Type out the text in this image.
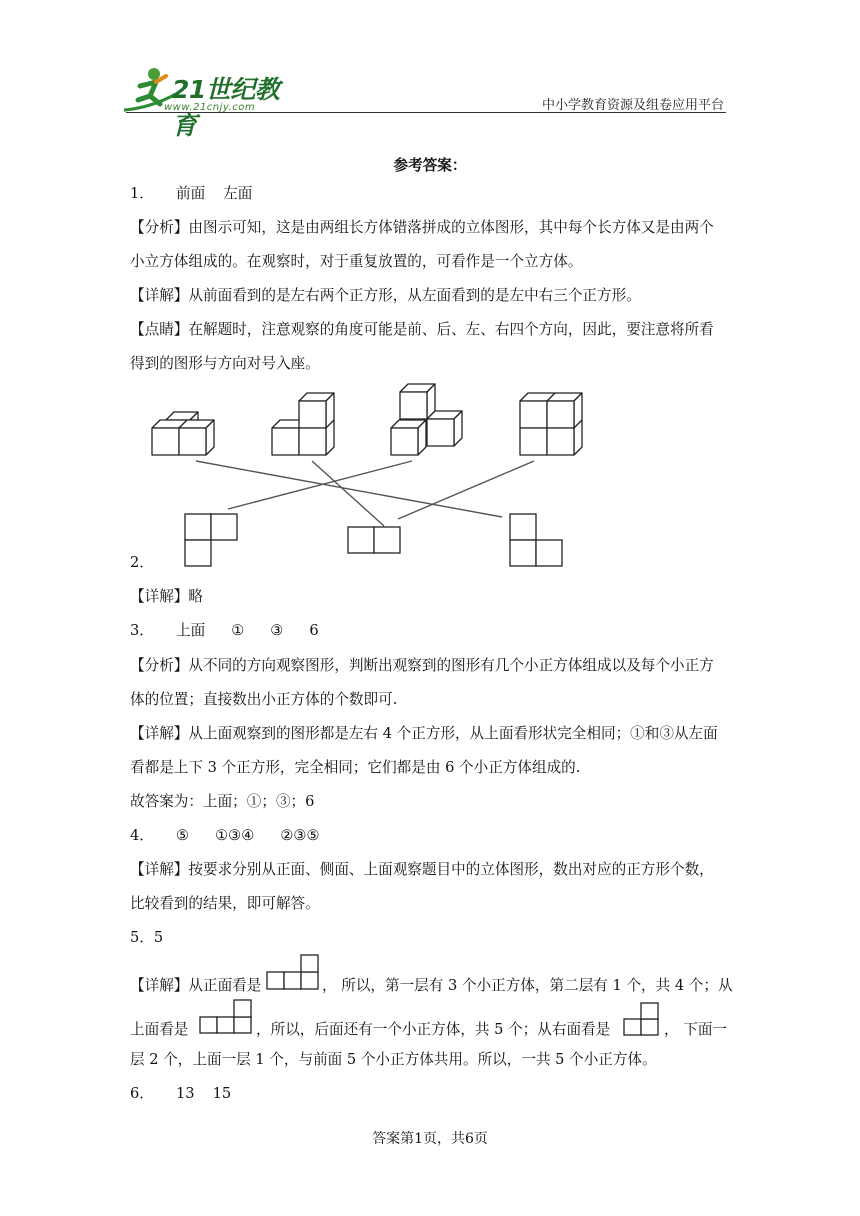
21世纪教育
www.21cnjy.com	中小学教育资源及组卷应用平台
参考答案：
1． 前面 左面
【分析】由图示可知，这是由两组长方体错落拼成的立体图形，其中每个长方体又是由两个
小立方体组成的。在观察时，对于重复放置的，可看作是一个立方体。
【详解】从前面看到的是左右两个正方形，从左面看到的是左中右三个正方形。
【点睛】在解题时，注意观察的角度可能是前、后、左、右四个方向，因此，要注意将所看
得到的图形与方向对号入座。
2．
【详解】略
3． 上面 ① ③ 6
【分析】从不同的方向观察图形，判断出观察到的图形有几个小正方体组成以及每个小正方
体的位置；直接数出小正方体的个数即可.
【详解】从上面观察到的图形都是左右 4 个正方形，从上面看形状完全相同；①和③从左面
看都是上下 3 个正方形，完全相同；它们都是由 6 个小正方体组成的.
故答案为：上面；①；③；6
4． ⑤ ①③④ ②③⑤
【详解】按要求分别从正面、侧面、上面观察题目中的立体图形，数出对应的正方形个数，
比较看到的结果，即可解答。
5．5
【详解】从正面看是	， 所以，第一层有 3 个小正方体，第二层有 1 个，共 4 个；从
上面看是	，所以，后面还有一个小正方体，共 5 个；从右面看是	， 下面一
层 2 个，上面一层 1 个，与前面 5 个小正方体共用。所以，一共 5 个小正方体。
6． 13 15
答案第1页，共6页
